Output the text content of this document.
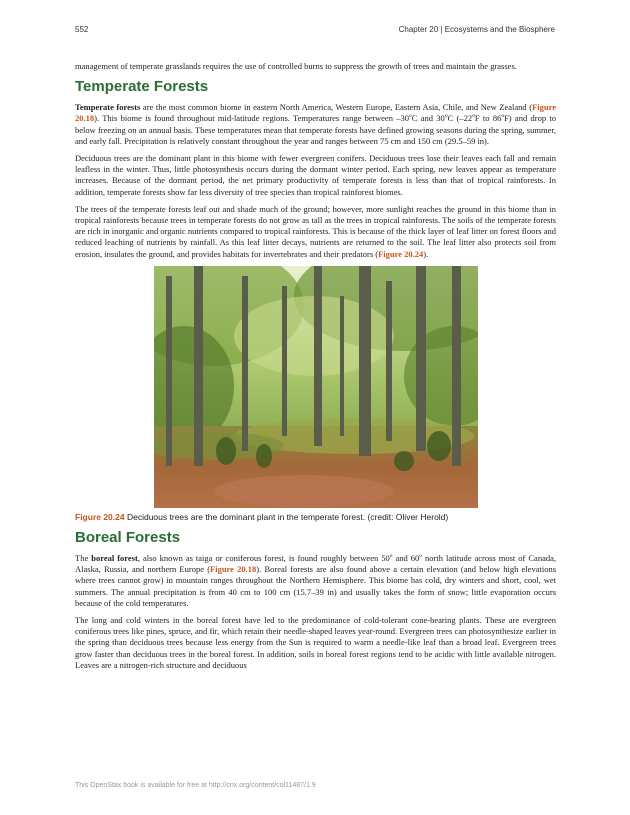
552	Chapter 20 | Ecosystems and the Biosphere

management of temperate grasslands requires the use of controlled burns to suppress the growth of trees and maintain the grasses.

Temperate Forests

Temperate forests are the most common biome in eastern North America, Western Europe, Eastern Asia, Chile, and New Zealand (Figure 20.18). This biome is found throughout mid-latitude regions. Temperatures range between –30$^o$C and 30$^o$C (–22$^o$F to 86$^o$F) and drop to below freezing on an annual basis. These temperatures mean that temperate forests have defined growing seasons during the spring, summer, and early fall. Precipitation is relatively constant throughout the year and ranges between 75 cm and 150 cm (29.5–59 in).

Deciduous trees are the dominant plant in this biome with fewer evergreen conifers. Deciduous trees lose their leaves each fall and remain leafless in the winter. Thus, little photosynthesis occurs during the dormant winter period. Each spring, new leaves appear as temperature increases. Because of the dormant period, the net primary productivity of temperate forests is less than that of tropical rainforests. In addition, temperate forests show far less diversity of tree species than tropical rainforest biomes.

The trees of the temperate forests leaf out and shade much of the ground; however, more sunlight reaches the ground in this biome than in tropical rainforests because trees in temperate forests do not grow as tall as the trees in tropical rainforests. The soils of the temperate forests are rich in inorganic and organic nutrients compared to tropical rainforests. This is because of the thick layer of leaf litter on forest floors and reduced leaching of nutrients by rainfall. As this leaf litter decays, nutrients are returned to the soil. The leaf litter also protects soil from erosion, insulates the ground, and provides habitats for invertebrates and their predators (Figure 20.24).

Figure 20.24 Deciduous trees are the dominant plant in the temperate forest. (credit: Oliver Herold)

Boreal Forests

The boreal forest, also known as taiga or coniferous forest, is found roughly between 50$^o$ and 60$^o$ north latitude across most of Canada, Alaska, Russia, and northern Europe (Figure 20.18). Boreal forests are also found above a certain elevation (and below high elevations where trees cannot grow) in mountain ranges throughout the Northern Hemisphere. This biome has cold, dry winters and short, cool, wet summers. The annual precipitation is from 40 cm to 100 cm (15.7–39 in) and usually takes the form of snow; little evaporation occurs because of the cold temperatures.

The long and cold winters in the boreal forest have led to the predominance of cold-tolerant cone-bearing plants. These are evergreen coniferous trees like pines, spruce, and fir, which retain their needle-shaped leaves year-round. Evergreen trees can photosynthesize earlier in the spring than deciduous trees because less energy from the Sun is required to warm a needle-like leaf than a broad leaf. Evergreen trees grow faster than deciduous trees in the boreal forest. In addition, soils in boreal forest regions tend to be acidic with little available nitrogen. Leaves are a nitrogen-rich structure and deciduous

This OpenStax book is available for free at http://cnx.org/content/col11487/1.9
